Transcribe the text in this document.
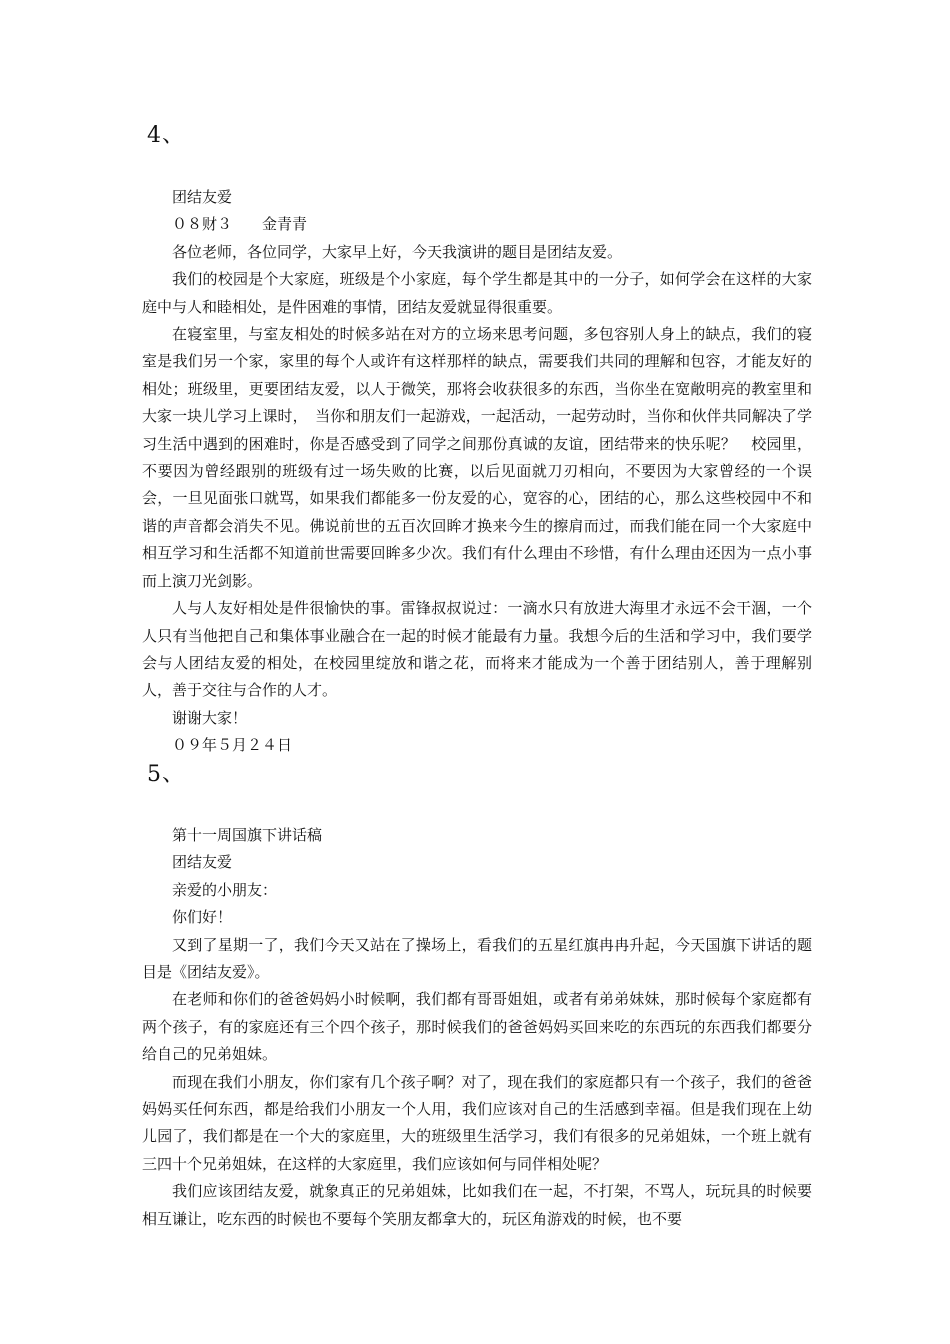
4、

团结友爱

０８财３　　金青青

各位老师，各位同学，大家早上好，今天我演讲的题目是团结友爱。

我们的校园是个大家庭，班级是个小家庭，每个学生都是其中的一分子，如何学会在这样的大家庭中与人和睦相处，是件困难的事情，团结友爱就显得很重要。

在寝室里，与室友相处的时候多站在对方的立场来思考问题，多包容别人身上的缺点，我们的寝室是我们另一个家，家里的每个人或许有这样那样的缺点，需要我们共同的理解和包容，才能友好的相处；班级里，更要团结友爱，以人于微笑，那将会收获很多的东西，当你坐在宽敞明亮的教室里和大家一块儿学习上课时，　当你和朋友们一起游戏，一起活动，一起劳动时，当你和伙伴共同解决了学习生活中遇到的困难时，你是否感受到了同学之间那份真诚的友谊，团结带来的快乐呢？　校园里，不要因为曾经跟别的班级有过一场失败的比赛，以后见面就刀刃相向，不要因为大家曾经的一个误会，一旦见面张口就骂，如果我们都能多一份友爱的心，宽容的心，团结的心，那么这些校园中不和谐的声音都会消失不见。佛说前世的五百次回眸才换来今生的擦肩而过，而我们能在同一个大家庭中相互学习和生活都不知道前世需要回眸多少次。我们有什么理由不珍惜，有什么理由还因为一点小事而上演刀光剑影。

人与人友好相处是件很愉快的事。雷锋叔叔说过：一滴水只有放进大海里才永远不会干涸，一个人只有当他把自己和集体事业融合在一起的时候才能最有力量。我想今后的生活和学习中，我们要学会与人团结友爱的相处，在校园里绽放和谐之花，而将来才能成为一个善于团结别人，善于理解别人，善于交往与合作的人才。

谢谢大家！

０９年５月２４日

5、

第十一周国旗下讲话稿

团结友爱

亲爱的小朋友：

你们好！

又到了星期一了，我们今天又站在了操场上，看我们的五星红旗冉冉升起，今天国旗下讲话的题目是《团结友爱》。

在老师和你们的爸爸妈妈小时候啊，我们都有哥哥姐姐，或者有弟弟妹妹，那时候每个家庭都有两个孩子，有的家庭还有三个四个孩子，那时候我们的爸爸妈妈买回来吃的东西玩的东西我们都要分给自己的兄弟姐妹。

而现在我们小朋友，你们家有几个孩子啊？对了，现在我们的家庭都只有一个孩子，我们的爸爸妈妈买任何东西，都是给我们小朋友一个人用，我们应该对自己的生活感到幸福。但是我们现在上幼儿园了，我们都是在一个大的家庭里，大的班级里生活学习，我们有很多的兄弟姐妹，一个班上就有三四十个兄弟姐妹，在这样的大家庭里，我们应该如何与同伴相处呢？

我们应该团结友爱，就象真正的兄弟姐妹，比如我们在一起，不打架，不骂人，玩玩具的时候要相互谦让，吃东西的时候也不要每个笑朋友都拿大的，玩区角游戏的时候，也不要
